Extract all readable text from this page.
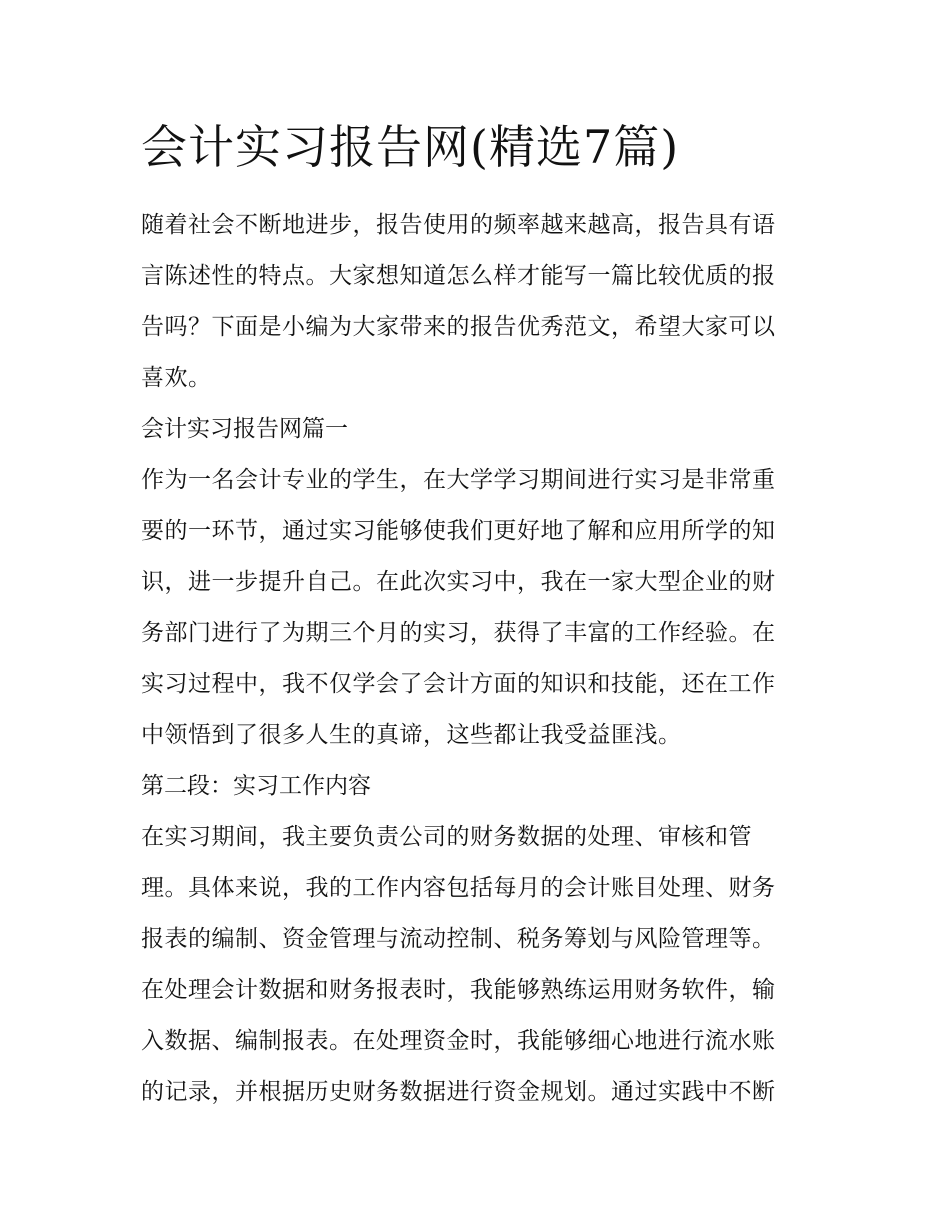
会计实习报告网(精选7篇)

随着社会不断地进步，报告使用的频率越来越高，报告具有语
言陈述性的特点。大家想知道怎么样才能写一篇比较优质的报
告吗？下面是小编为大家带来的报告优秀范文，希望大家可以
喜欢。

会计实习报告网篇一

作为一名会计专业的学生，在大学学习期间进行实习是非常重
要的一环节，通过实习能够使我们更好地了解和应用所学的知
识，进一步提升自己。在此次实习中，我在一家大型企业的财
务部门进行了为期三个月的实习，获得了丰富的工作经验。在
实习过程中，我不仅学会了会计方面的知识和技能，还在工作
中领悟到了很多人生的真谛，这些都让我受益匪浅。

第二段：实习工作内容

在实习期间，我主要负责公司的财务数据的处理、审核和管
理。具体来说，我的工作内容包括每月的会计账目处理、财务
报表的编制、资金管理与流动控制、税务筹划与风险管理等。
在处理会计数据和财务报表时，我能够熟练运用财务软件，输
入数据、编制报表。在处理资金时，我能够细心地进行流水账
的记录，并根据历史财务数据进行资金规划。通过实践中不断
